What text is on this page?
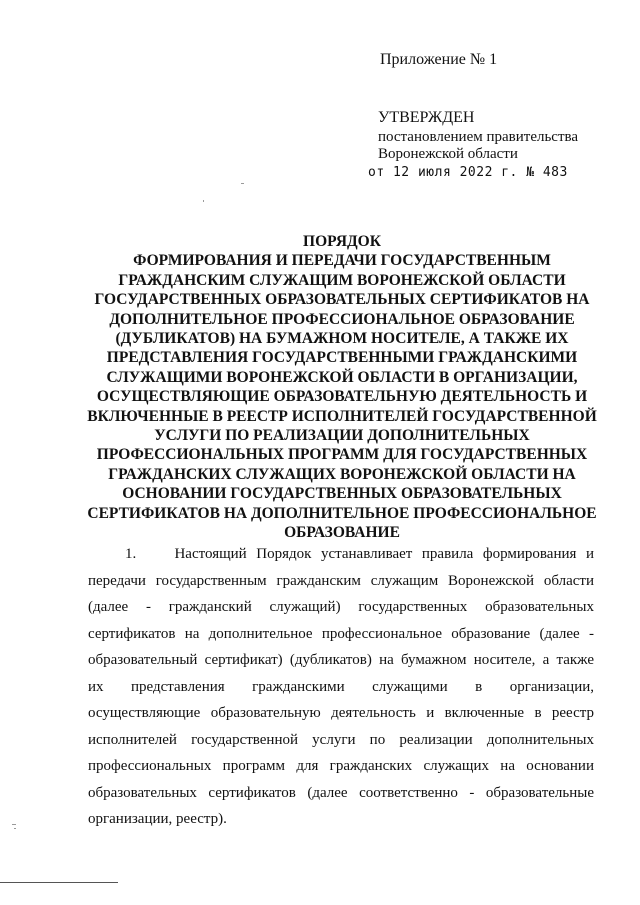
Приложение № 1
УТВЕРЖДЕН
постановлением правительства
Воронежской области
от 12 июля 2022 г. № 483
ПОРЯДОК
ФОРМИРОВАНИЯ И ПЕРЕДАЧИ ГОСУДАРСТВЕННЫМ
ГРАЖДАНСКИМ СЛУЖАЩИМ ВОРОНЕЖСКОЙ ОБЛАСТИ
ГОСУДАРСТВЕННЫХ ОБРАЗОВАТЕЛЬНЫХ СЕРТИФИКАТОВ НА
ДОПОЛНИТЕЛЬНОЕ ПРОФЕССИОНАЛЬНОЕ ОБРАЗОВАНИЕ
(ДУБЛИКАТОВ) НА БУМАЖНОМ НОСИТЕЛЕ, А ТАКЖЕ ИХ
ПРЕДСТАВЛЕНИЯ ГОСУДАРСТВЕННЫМИ ГРАЖДАНСКИМИ
СЛУЖАЩИМИ ВОРОНЕЖСКОЙ ОБЛАСТИ В ОРГАНИЗАЦИИ,
ОСУЩЕСТВЛЯЮЩИЕ ОБРАЗОВАТЕЛЬНУЮ ДЕЯТЕЛЬНОСТЬ И
ВКЛЮЧЕННЫЕ В РЕЕСТР ИСПОЛНИТЕЛЕЙ ГОСУДАРСТВЕННОЙ
УСЛУГИ ПО РЕАЛИЗАЦИИ ДОПОЛНИТЕЛЬНЫХ
ПРОФЕССИОНАЛЬНЫХ ПРОГРАММ ДЛЯ ГОСУДАРСТВЕННЫХ
ГРАЖДАНСКИХ СЛУЖАЩИХ ВОРОНЕЖСКОЙ ОБЛАСТИ НА
ОСНОВАНИИ ГОСУДАРСТВЕННЫХ ОБРАЗОВАТЕЛЬНЫХ
СЕРТИФИКАТОВ НА ДОПОЛНИТЕЛЬНОЕ ПРОФЕССИОНАЛЬНОЕ
ОБРАЗОВАНИЕ
1.    Настоящий Порядок устанавливает правила формирования и
передачи государственным гражданским служащим Воронежской области
(далее - гражданский служащий) государственных образовательных
сертификатов на дополнительное профессиональное образование (далее -
образовательный сертификат) (дубликатов) на бумажном носителе, а также
их представления гражданскими служащими в организации,
осуществляющие образовательную деятельность и включенные в реестр
исполнителей государственной услуги по реализации дополнительных
профессиональных программ для гражданских служащих на основании
образовательных сертификатов (далее соответственно - образовательные
организации, реестр).
